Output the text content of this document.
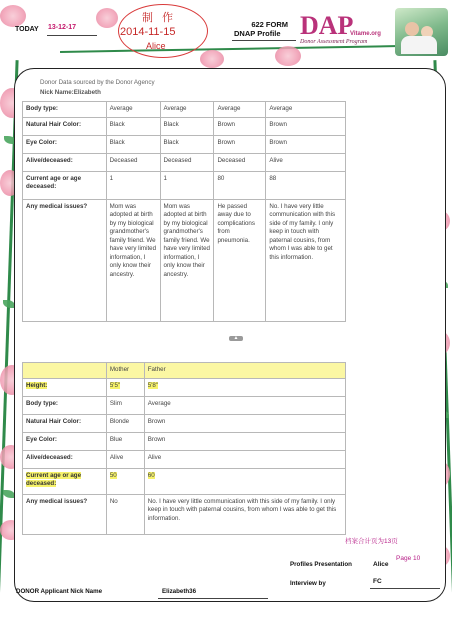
TODAY 13-12-17
制 作
2014-11-15
Alice
622 FORM
DNAP Profile DAP
Vitame.org
Donor Assessment Program
Donor Data sourced by the Donor Agency
Nick Name:Elizabeth
Body type:	Average	Average	Average	Average
Natural Hair Color:	Black	Black	Brown	Brown
Eye Color:	Black	Black	Brown	Brown
Alive/deceased:	Deceased	Deceased	Deceased	Alive
Current age or age deceased:	1	1	80	88
Any medical issues?	Mom was adopted at birth by my biological grandmother's family friend. We have very limited information, I only know their ancestry.	Mom was adopted at birth by my biological grandmother's family friend. We have very limited information, I only know their ancestry.	He passed away due to complications from pneumonia.	No. I have very little communication with this side of my family. I only keep in touch with paternal cousins, from whom I was able to get this information.
▲
	Mother	Father
Height:	5'5"	5'8"
Body type:	Slim	Average
Natural Hair Color:	Blonde	Brown
Eye Color:	Blue	Brown
Alive/deceased:	Alive	Alive
Current age or age deceased:	50	60
Any medical issues?	No	No. I have very little communication with this side of my family. I only keep in touch with paternal cousins, from whom I was able to get this information.
档案合计页为13页
Page 10
Profiles Presentation	Alice
Interview by	FC
DONOR Applicant Nick Name	Elizabeth36
